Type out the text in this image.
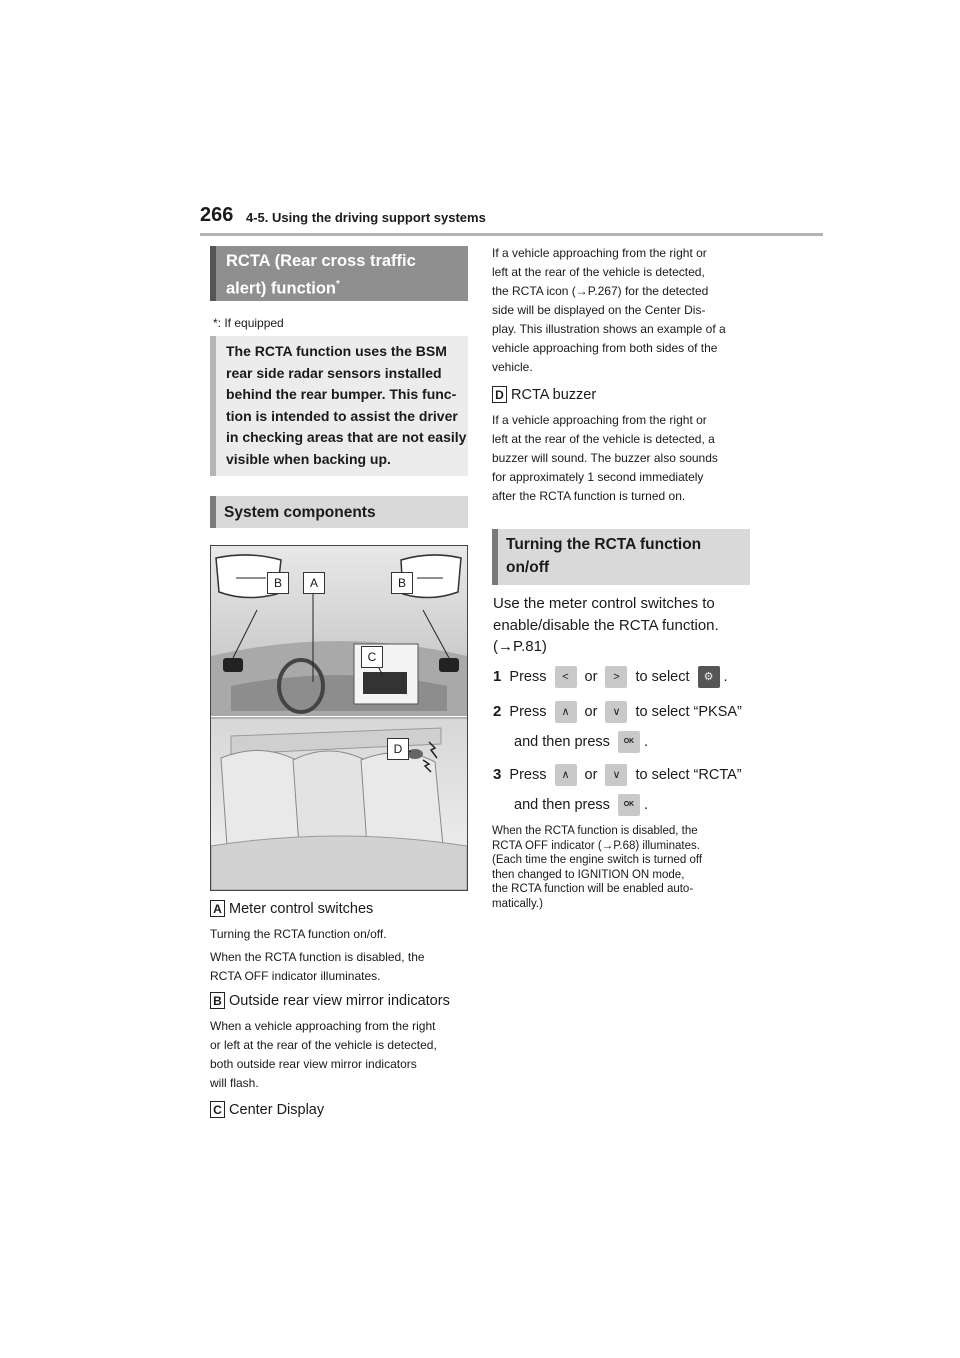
266 4-5. Using the driving support systems
RCTA (Rear cross traffic
alert) function*
*: If equipped
The RCTA function uses the BSM
rear side radar sensors installed
behind the rear bumper. This func-
tion is intended to assist the driver
in checking areas that are not easily
visible when backing up.
System components
B	A	B
C
D
A Meter control switches
Turning the RCTA function on/off.
When the RCTA function is disabled, the
RCTA OFF indicator illuminates.
B Outside rear view mirror indicators
When a vehicle approaching from the right
or left at the rear of the vehicle is detected,
both outside rear view mirror indicators
will flash.
C Center Display
If a vehicle approaching from the right or
left at the rear of the vehicle is detected,
the RCTA icon (→P.267) for the detected
side will be displayed on the Center Dis-
play. This illustration shows an example of a
vehicle approaching from both sides of the
vehicle.
D RCTA buzzer
If a vehicle approaching from the right or
left at the rear of the vehicle is detected, a
buzzer will sound. The buzzer also sounds
for approximately 1 second immediately
after the RCTA function is turned on.
Turning the RCTA function
on/off
Use the meter control switches to
enable/disable the RCTA function.
(→P.81)
1 Press < or > to select ⚙ .
2 Press ∧ or ∨ to select “PKSA”
and then press OK .
3 Press ∧ or ∨ to select “RCTA”
and then press OK .
When the RCTA function is disabled, the
RCTA OFF indicator (→P.68) illuminates.
(Each time the engine switch is turned off
then changed to IGNITION ON mode,
the RCTA function will be enabled auto-
matically.)
